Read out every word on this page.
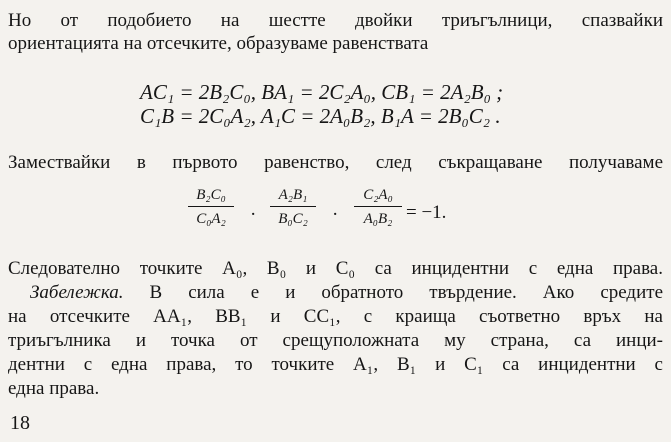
Но от подобието на шестте двойки триъгълници, спазвайки
ориентацията на отсечките, образуваме равенствата
AC₁ = 2B₂C₀, BA₁ = 2C₂A₀, CB₁ = 2A₂B₀ ;
C₁B = 2C₀A₂, A₁C = 2A₀B₂, B₁A = 2B₀C₂ .
Замествайки в първото равенство, след съкращаване получаваме
B₂C₀
C₀A₂	·
A₂B₁
B₀C₂	·
C₂A₀
A₀B₂ = −1.
Следователно точките A₀, B₀ и C₀ са инцидентни с една права.
Забележка. В сила е и обратното твърдение. Ако средите
на отсечките AA₁, BB₁ и CC₁, с краища съответно връх на
триъгълника и точка от срещуположната му страна, са инци-
дентни с една права, то точките A₁, B₁ и C₁ са инцидентни с
една права.
18
